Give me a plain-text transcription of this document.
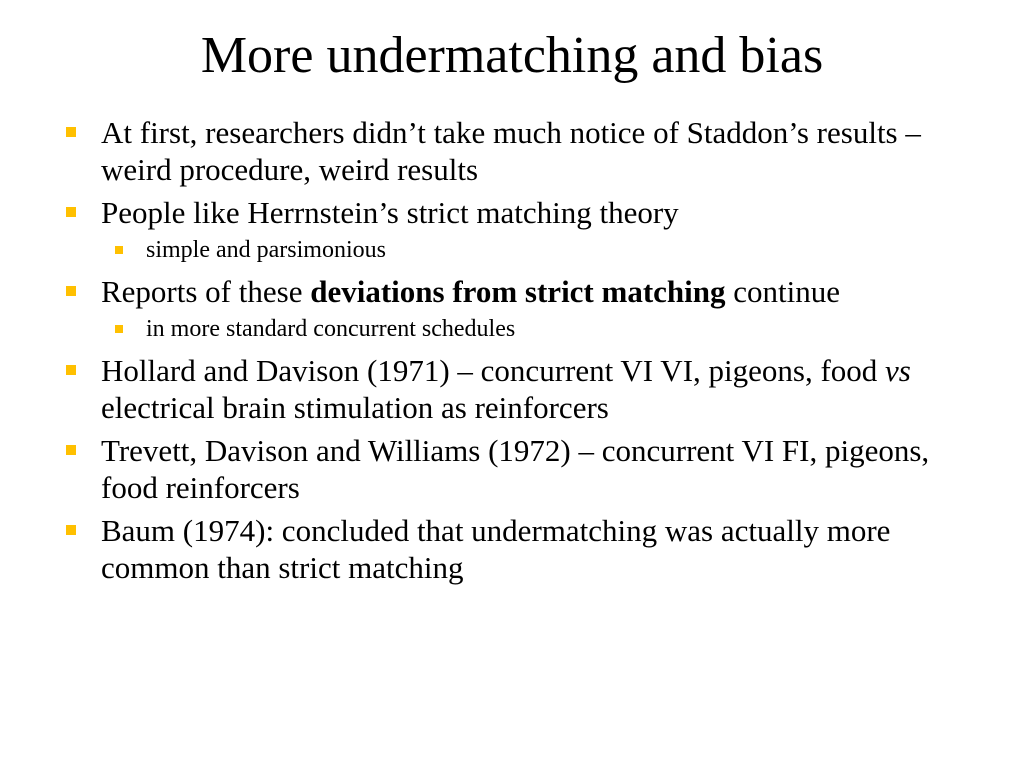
More undermatching and bias
At first, researchers didn’t take much notice of Staddon’s results – weird procedure, weird results
People like Herrnstein’s strict matching theory
simple and parsimonious
Reports of these deviations from strict matching continue
in more standard concurrent schedules
Hollard and Davison (1971) – concurrent VI VI, pigeons, food vs electrical brain stimulation as reinforcers
Trevett, Davison and Williams (1972) – concurrent VI FI, pigeons, food reinforcers
Baum (1974): concluded that undermatching was actually more common than strict matching
